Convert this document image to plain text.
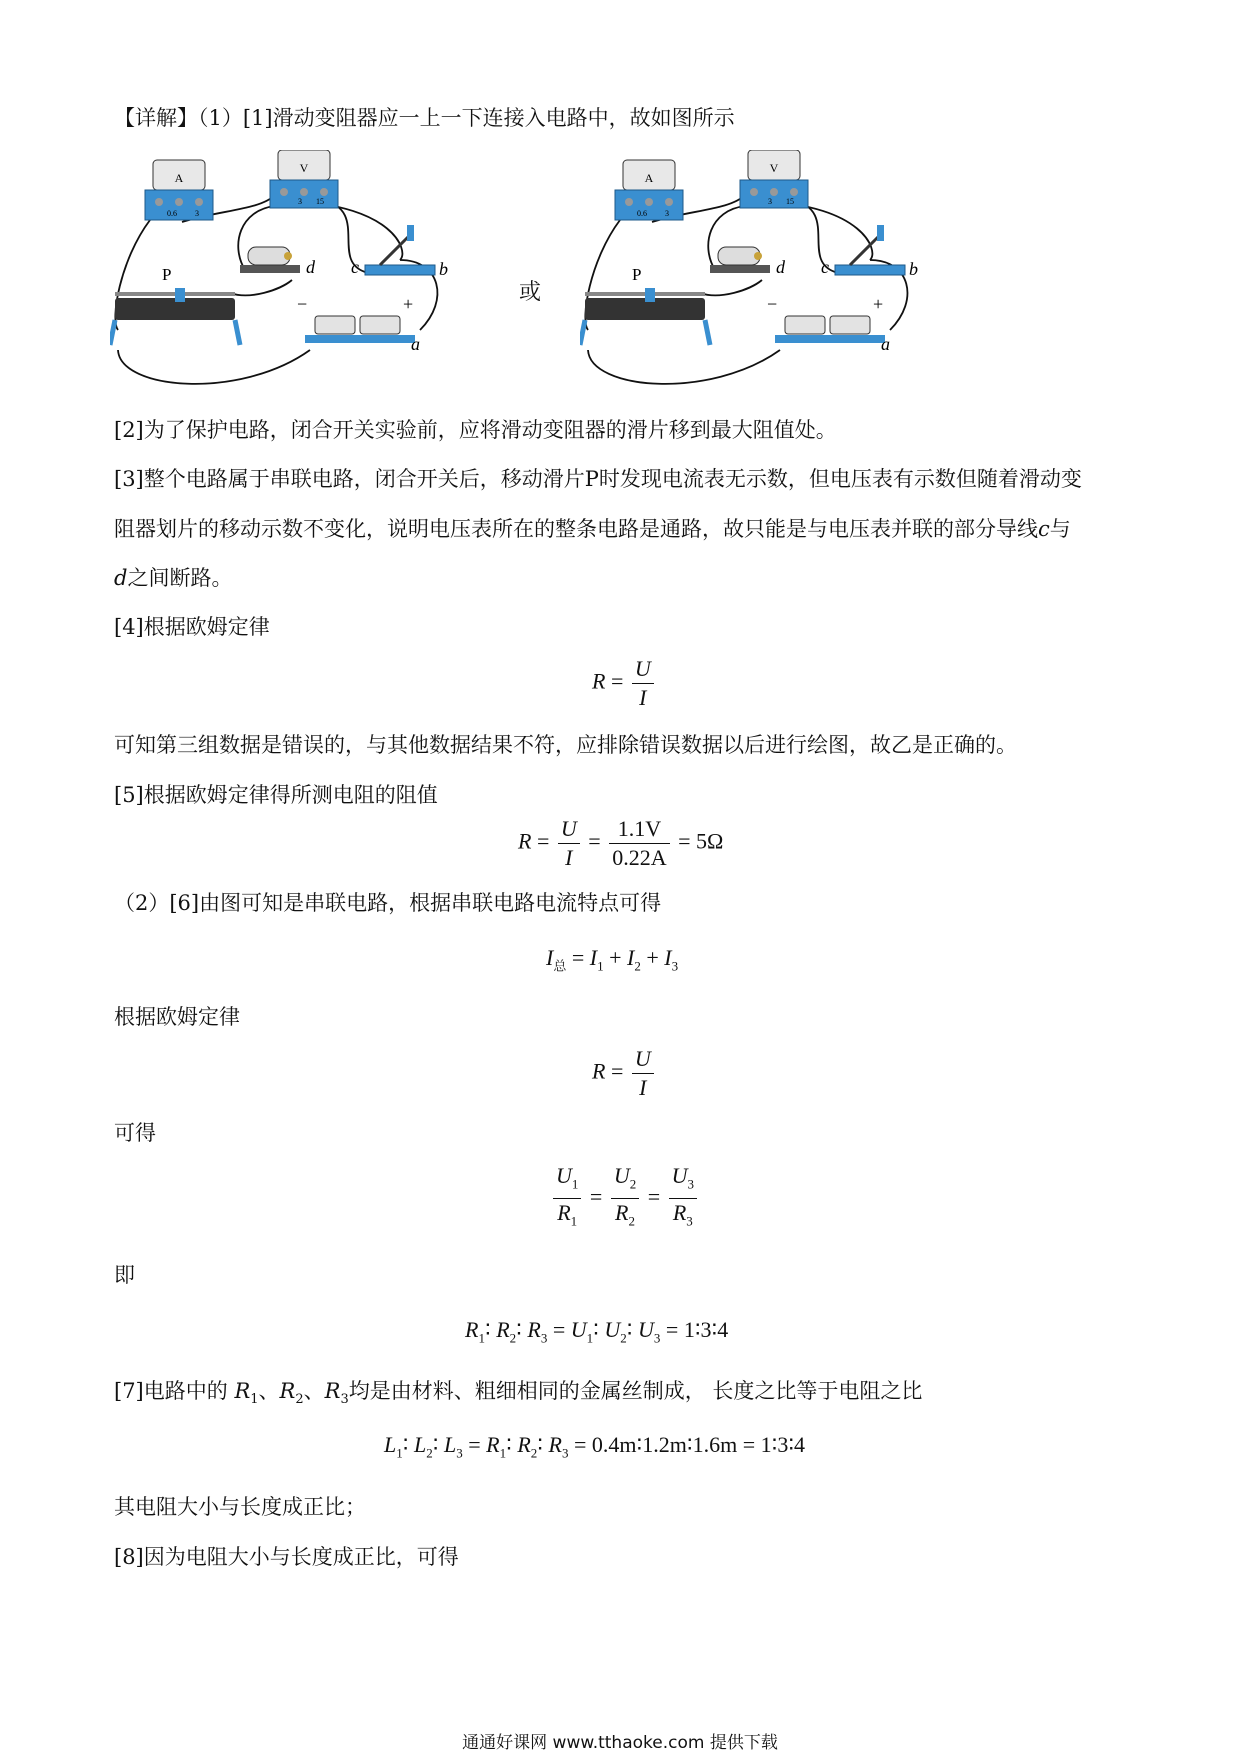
【详解】（1）[1]滑动变阻器应一上一下连接入电路中，故如图所示
A
0.6 3
V
3 15
d c	b
P
−	+
a
或
A
0.6 3
V
3 15
d c	b
P
−	+
a
[2]为了保护电路，闭合开关实验前，应将滑动变阻器的滑片移到最大阻值处。
[3]整个电路属于串联电路，闭合开关后，移动滑片P时发现电流表无示数，但电压表有示数但随着滑动变
阻器划片的移动示数不变化，说明电压表所在的整条电路是通路，故只能是与电压表并联的部分导线c与
d之间断路。
[4]根据欧姆定律
$R = \frac{U}{I}$
可知第三组数据是错误的，与其他数据结果不符，应排除错误数据以后进行绘图，故乙是正确的。
[5]根据欧姆定律得所测电阻的阻值
$R = \frac{U}{I} = \frac{1.1V}{0.22A} = 5\Omega$
（2）[6]由图可知是串联电路，根据串联电路电流特点可得
$I_总 = I_1 + I_2 + I_3$
根据欧姆定律
$R = \frac{U}{I}$
可得
$\frac{U_1}{R_1} = \frac{U_2}{R_2} = \frac{U_3}{R_3}$
即
$R_1∶$ $R_2∶$ $R_3$ = $U_1∶$ $U_2∶$ $U_3$ = 1∶3∶4
[7]电路中的 $R_1$、$R_2$、$R_3$均是由材料、粗细相同的金属丝制成， 长度之比等于电阻之比
$L_1∶$ $L_2∶$ $L_3$ = $R_1∶$ $R_2∶$ $R_3$ = 0.4m∶1.2m∶1.6m = 1∶3∶4
其电阻大小与长度成正比；
[8]因为电阻大小与长度成正比，可得
通通好课网 www.tthaoke.com 提供下载
